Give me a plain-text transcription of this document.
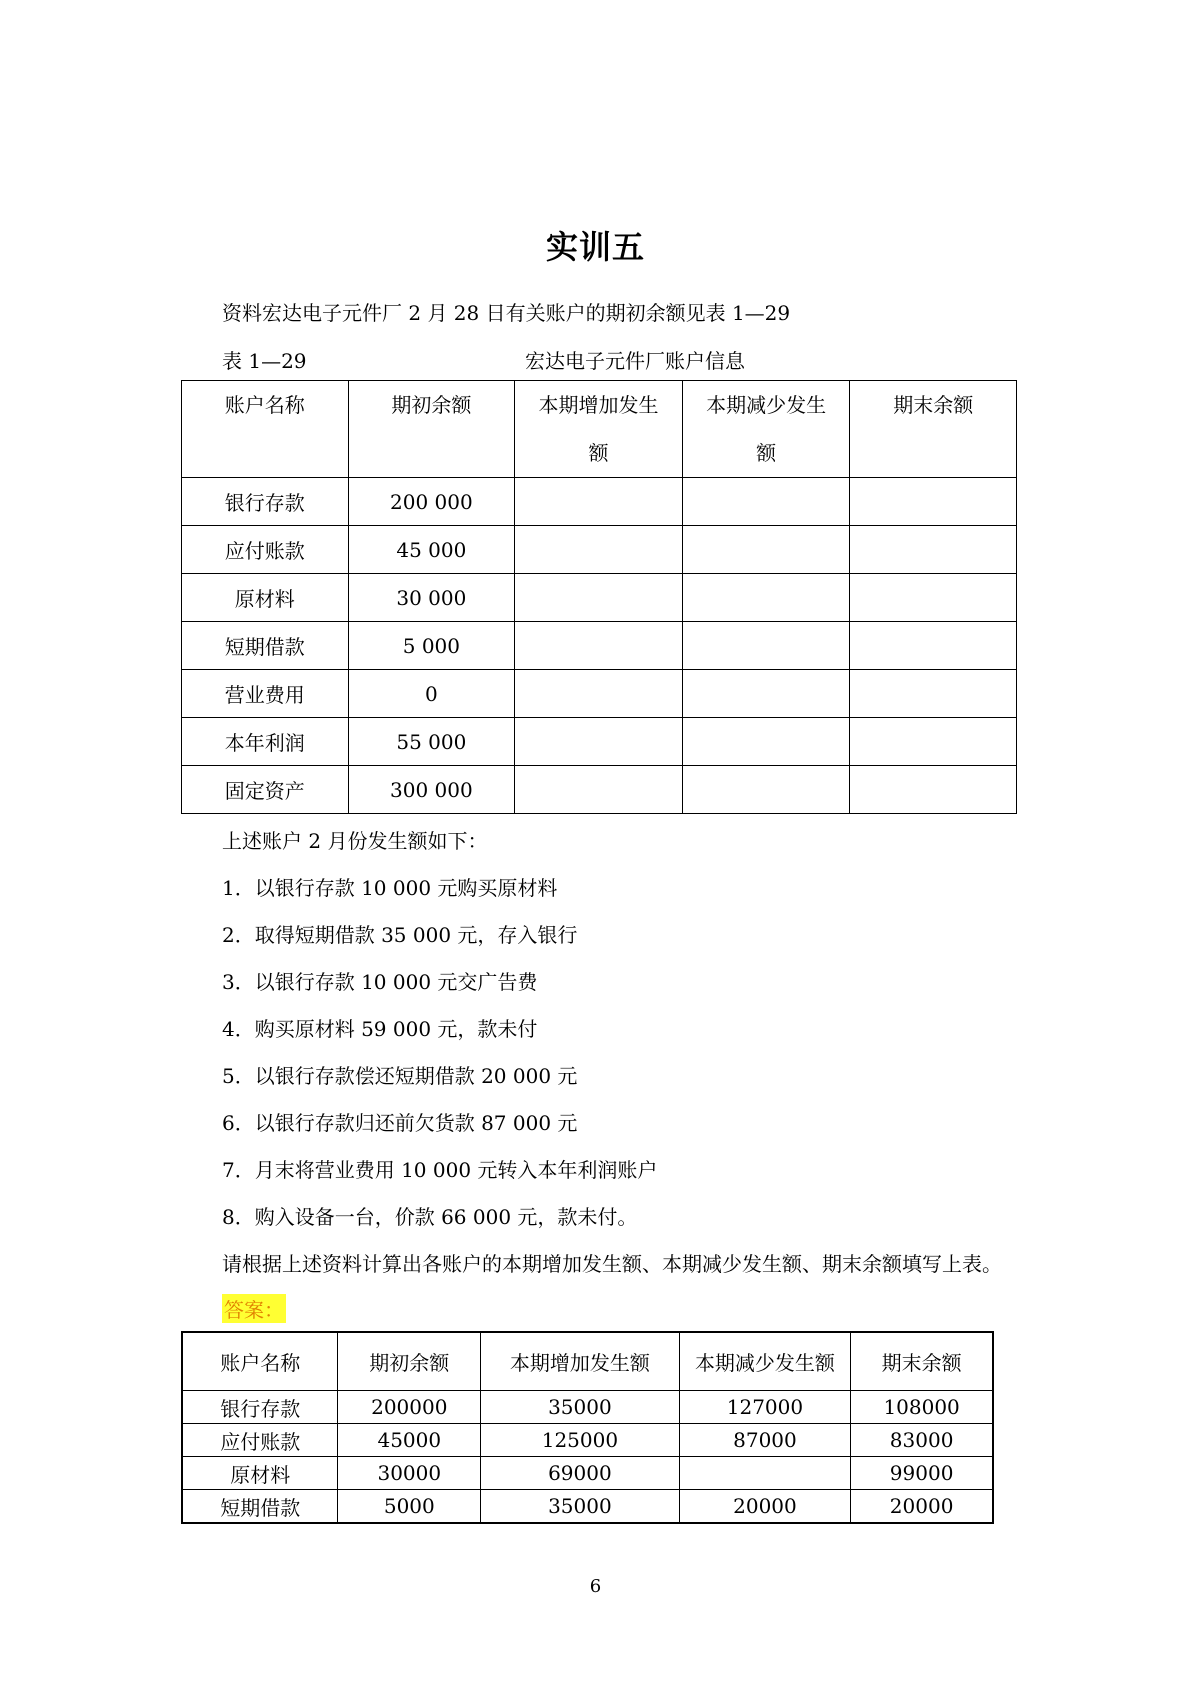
实训五
资料宏达电子元件厂 2 月 28 日有关账户的期初余额见表 1—29
表 1—29	宏达电子元件厂账户信息
账户名称	期初余额	本期增加发生额	本期减少发生额	期末余额
银行存款	200 000			
应付账款	45 000			
原材料	30 000			
短期借款	5 000			
营业费用	0			
本年利润	55 000			
固定资产	300 000			
上述账户 2 月份发生额如下：
1．以银行存款 10 000 元购买原材料
2．取得短期借款 35 000 元，存入银行
3．以银行存款 10 000 元交广告费
4．购买原材料 59 000 元，款未付
5．以银行存款偿还短期借款 20 000 元
6．以银行存款归还前欠货款 87 000 元
7．月末将营业费用 10 000 元转入本年利润账户
8．购入设备一台，价款 66 000 元，款未付。
请根据上述资料计算出各账户的本期增加发生额、本期减少发生额、期末余额填写上表。
答案：
账户名称	期初余额	本期增加发生额	本期减少发生额	期末余额
银行存款	200000	35000	127000	108000
应付账款	45000	125000	87000	83000
原材料	30000	69000		99000
短期借款	5000	35000	20000	20000
6
